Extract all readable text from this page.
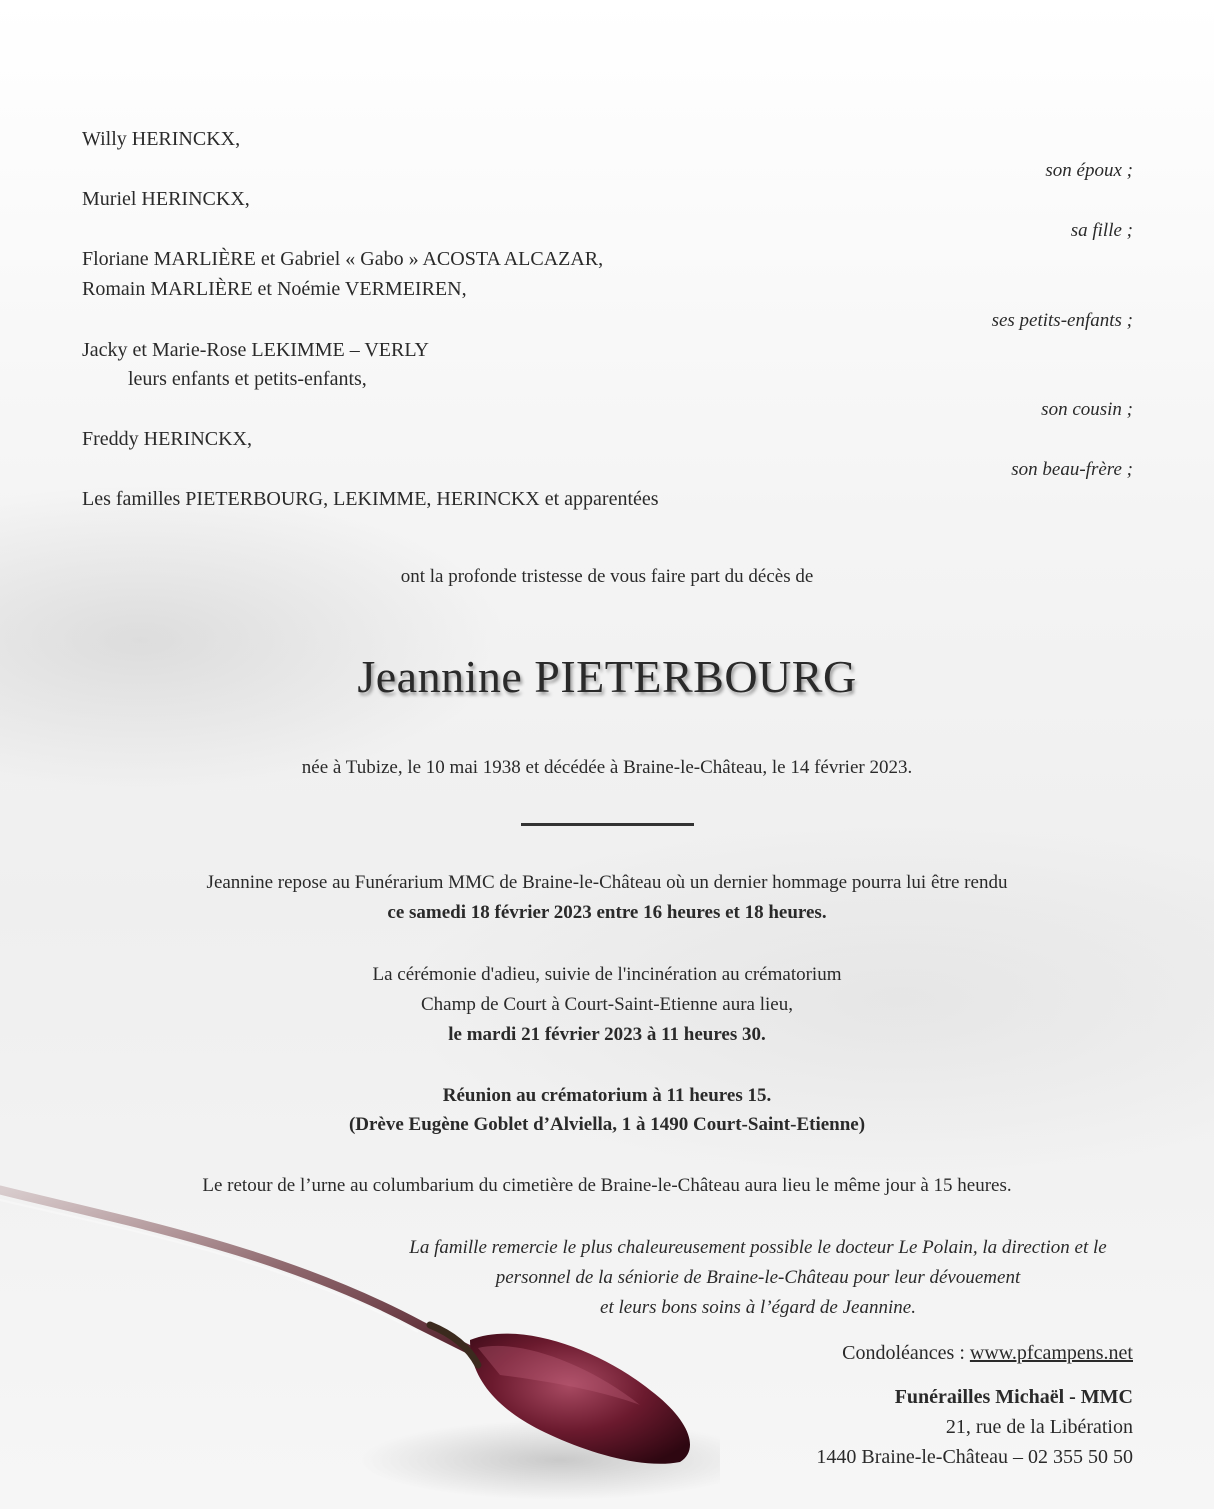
Willy HERINCKX,
son époux ;
Muriel HERINCKX,
sa fille ;
Floriane MARLIÈRE et Gabriel « Gabo » ACOSTA ALCAZAR,
Romain MARLIÈRE et Noémie VERMEIREN,
ses petits-enfants ;
Jacky et Marie-Rose LEKIMME – VERLY
leurs enfants et petits-enfants,
son cousin ;
Freddy HERINCKX,
son beau-frère ;
Les familles PIETERBOURG, LEKIMME, HERINCKX et apparentées
ont la profonde tristesse de vous faire part du décès de
Jeannine PIETERBOURG
née à Tubize, le 10 mai 1938 et décédée à Braine-le-Château, le 14 février 2023.
Jeannine repose au Funérarium MMC de Braine-le-Château où un dernier hommage pourra lui être rendu
ce samedi 18 février 2023 entre 16 heures et 18 heures.
La cérémonie d'adieu, suivie de l'incinération au crématorium
Champ de Court à Court-Saint-Etienne aura lieu,
le mardi 21 février 2023 à 11 heures 30.
Réunion au crématorium à 11 heures 15.
(Drève Eugène Goblet d’Alviella, 1 à 1490 Court-Saint-Etienne)
Le retour de l’urne au columbarium du cimetière de Braine-le-Château aura lieu le même jour à 15 heures.
La famille remercie le plus chaleureusement possible le docteur Le Polain, la direction et le
personnel de la séniorie de Braine-le-Château pour leur dévouement
et leurs bons soins à l’égard de Jeannine.
Condoléances : www.pfcampens.net
Funérailles Michaël - MMC
21, rue de la Libération
1440 Braine-le-Château – 02 355 50 50
